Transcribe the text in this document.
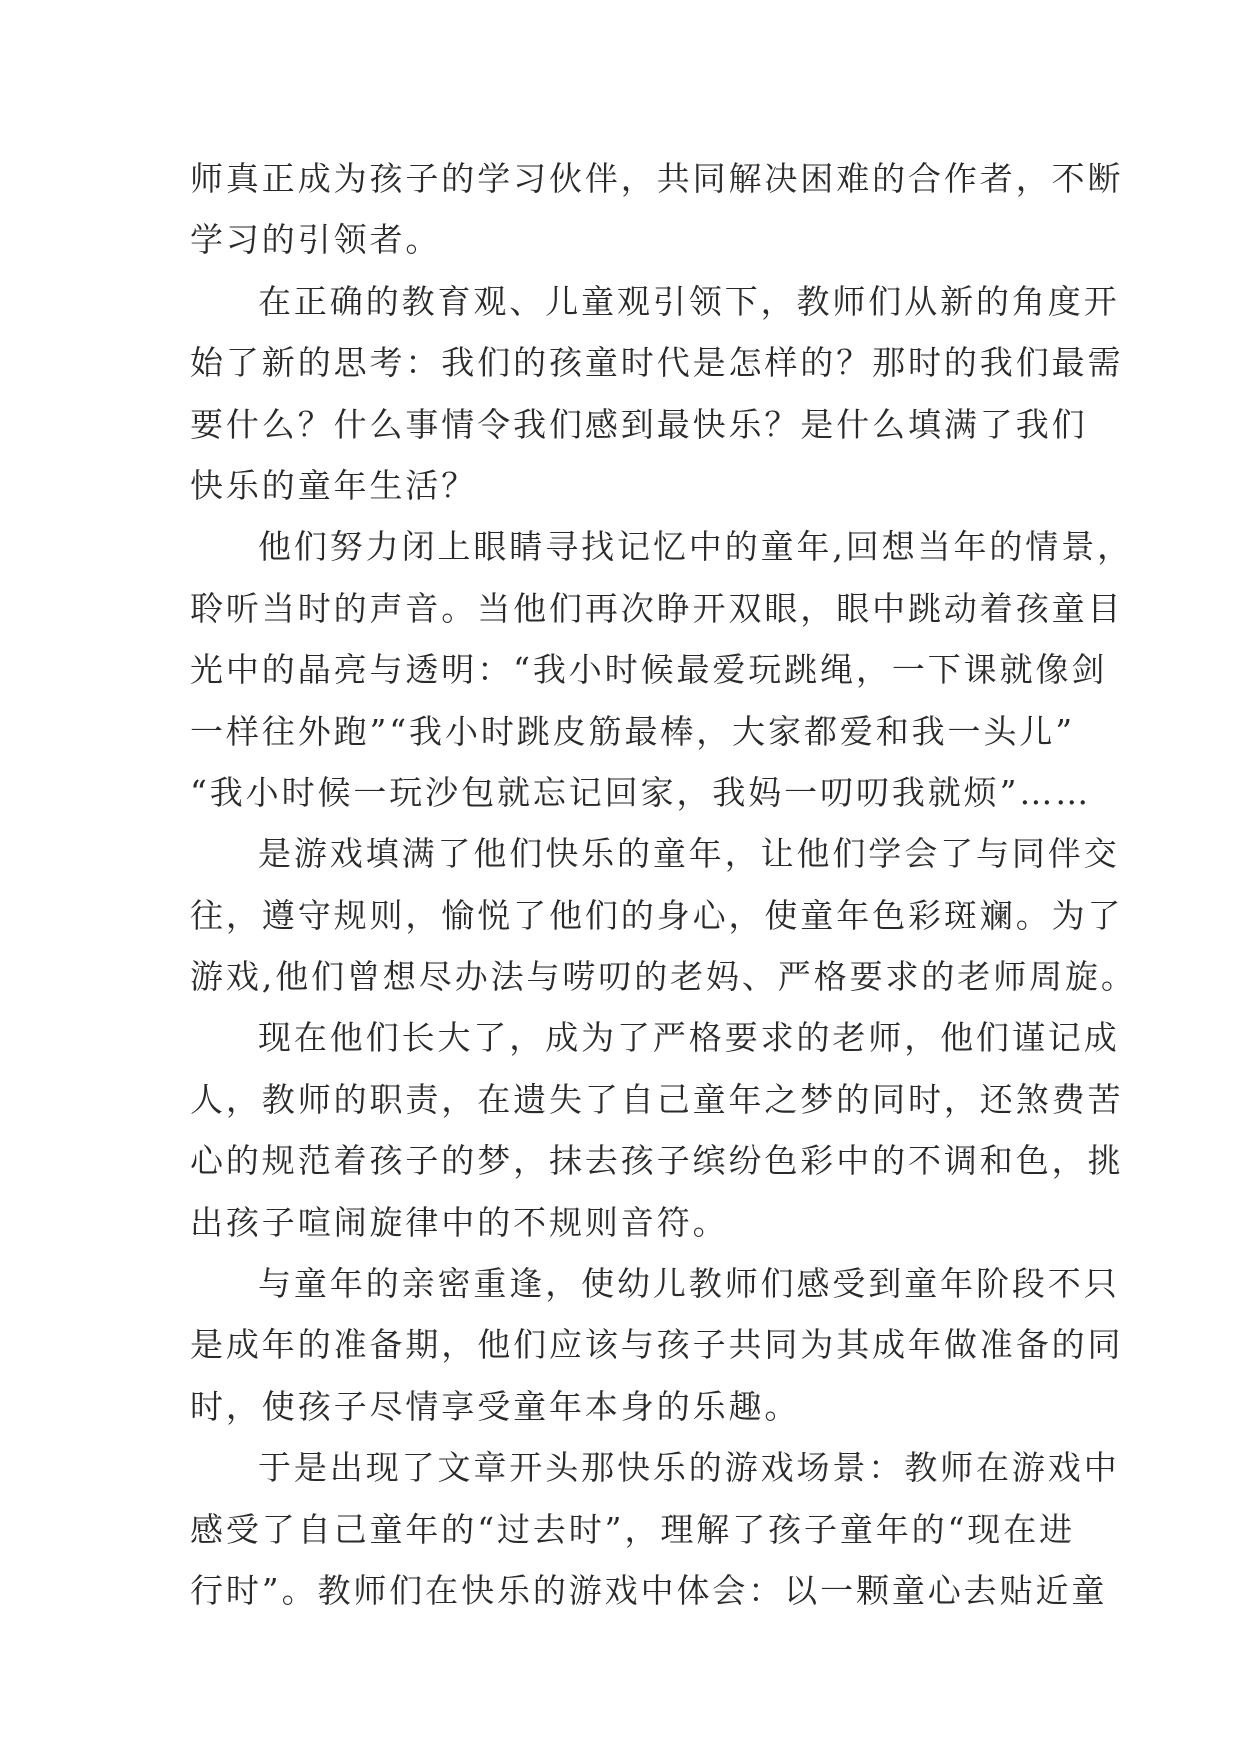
师真正成为孩子的学习伙伴，共同解决困难的合作者，不断
学习的引领者。
在正确的教育观、儿童观引领下，教师们从新的角度开
始了新的思考：我们的孩童时代是怎样的？那时的我们最需
要什么？什么事情令我们感到最快乐？是什么填满了我们
快乐的童年生活？
他们努力闭上眼睛寻找记忆中的童年,回想当年的情景，
聆听当时的声音。当他们再次睁开双眼，眼中跳动着孩童目
光中的晶亮与透明：“我小时候最爱玩跳绳，一下课就像剑
一样往外跑”“我小时跳皮筋最棒，大家都爱和我一头儿”
“我小时候一玩沙包就忘记回家，我妈一叨叨我就烦”……
是游戏填满了他们快乐的童年，让他们学会了与同伴交
往，遵守规则，愉悦了他们的身心，使童年色彩斑斓。为了
游戏,他们曾想尽办法与唠叨的老妈、严格要求的老师周旋。
现在他们长大了，成为了严格要求的老师，他们谨记成
人，教师的职责，在遗失了自己童年之梦的同时，还煞费苦
心的规范着孩子的梦，抹去孩子缤纷色彩中的不调和色，挑
出孩子喧闹旋律中的不规则音符。
与童年的亲密重逢，使幼儿教师们感受到童年阶段不只
是成年的准备期，他们应该与孩子共同为其成年做准备的同
时，使孩子尽情享受童年本身的乐趣。
于是出现了文章开头那快乐的游戏场景：教师在游戏中
感受了自己童年的“过去时”，理解了孩子童年的“现在进
行时”。教师们在快乐的游戏中体会：以一颗童心去贴近童
